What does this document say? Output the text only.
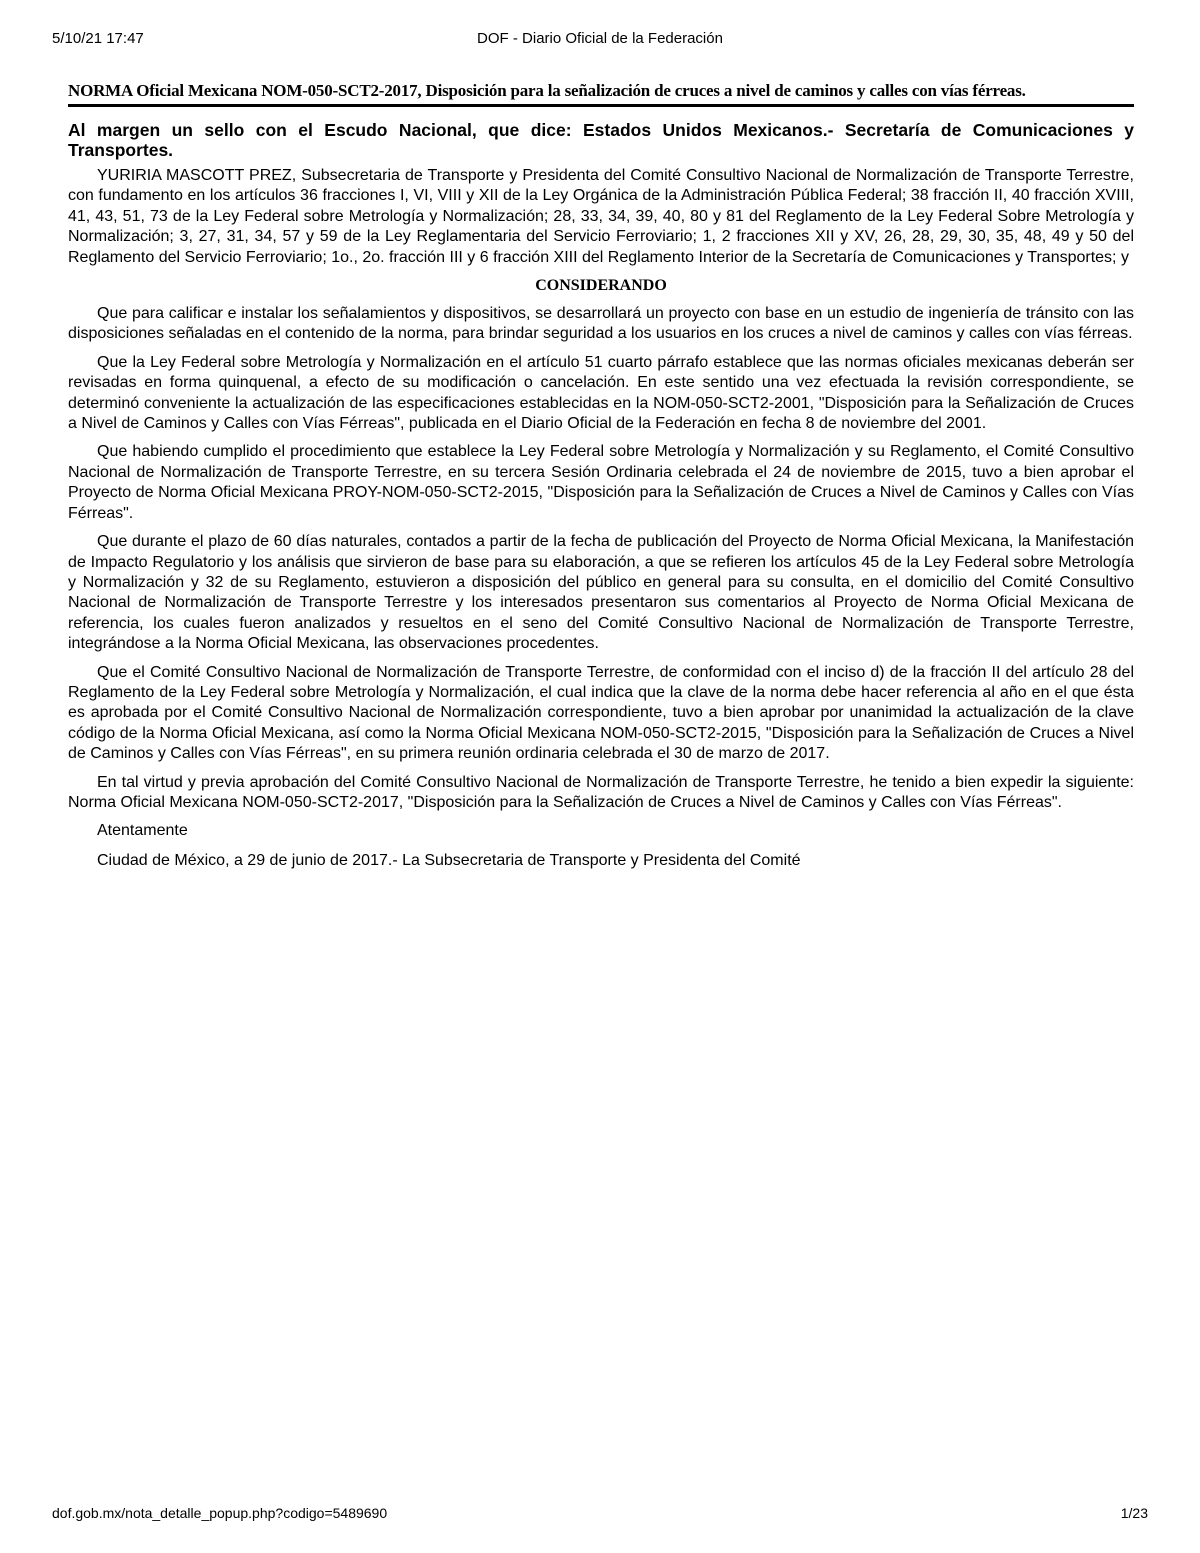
5/10/21 17:47	DOF - Diario Oficial de la Federación
NORMA Oficial Mexicana NOM-050-SCT2-2017, Disposición para la señalización de cruces a nivel de caminos y calles con vías férreas.

Al margen un sello con el Escudo Nacional, que dice: Estados Unidos Mexicanos.- Secretaría de Comunicaciones y Transportes.

YURIRIA MASCOTT PREZ, Subsecretaria de Transporte y Presidenta del Comité Consultivo Nacional de Normalización de Transporte Terrestre, con fundamento en los artículos 36 fracciones I, VI, VIII y XII de la Ley Orgánica de la Administración Pública Federal; 38 fracción II, 40 fracción XVIII, 41, 43, 51, 73 de la Ley Federal sobre Metrología y Normalización; 28, 33, 34, 39, 40, 80 y 81 del Reglamento de la Ley Federal Sobre Metrología y Normalización; 3, 27, 31, 34, 57 y 59 de la Ley Reglamentaria del Servicio Ferroviario; 1, 2 fracciones XII y XV, 26, 28, 29, 30, 35, 48, 49 y 50 del Reglamento del Servicio Ferroviario; 1o., 2o. fracción III y 6 fracción XIII del Reglamento Interior de la Secretaría de Comunicaciones y Transportes; y

CONSIDERANDO

Que para calificar e instalar los señalamientos y dispositivos, se desarrollará un proyecto con base en un estudio de ingeniería de tránsito con las disposiciones señaladas en el contenido de la norma, para brindar seguridad a los usuarios en los cruces a nivel de caminos y calles con vías férreas.

Que la Ley Federal sobre Metrología y Normalización en el artículo 51 cuarto párrafo establece que las normas oficiales mexicanas deberán ser revisadas en forma quinquenal, a efecto de su modificación o cancelación. En este sentido una vez efectuada la revisión correspondiente, se determinó conveniente la actualización de las especificaciones establecidas en la NOM-050-SCT2-2001, "Disposición para la Señalización de Cruces a Nivel de Caminos y Calles con Vías Férreas", publicada en el Diario Oficial de la Federación en fecha 8 de noviembre del 2001.

Que habiendo cumplido el procedimiento que establece la Ley Federal sobre Metrología y Normalización y su Reglamento, el Comité Consultivo Nacional de Normalización de Transporte Terrestre, en su tercera Sesión Ordinaria celebrada el 24 de noviembre de 2015, tuvo a bien aprobar el Proyecto de Norma Oficial Mexicana PROY-NOM-050-SCT2-2015, "Disposición para la Señalización de Cruces a Nivel de Caminos y Calles con Vías Férreas".

Que durante el plazo de 60 días naturales, contados a partir de la fecha de publicación del Proyecto de Norma Oficial Mexicana, la Manifestación de Impacto Regulatorio y los análisis que sirvieron de base para su elaboración, a que se refieren los artículos 45 de la Ley Federal sobre Metrología y Normalización y 32 de su Reglamento, estuvieron a disposición del público en general para su consulta, en el domicilio del Comité Consultivo Nacional de Normalización de Transporte Terrestre y los interesados presentaron sus comentarios al Proyecto de Norma Oficial Mexicana de referencia, los cuales fueron analizados y resueltos en el seno del Comité Consultivo Nacional de Normalización de Transporte Terrestre, integrándose a la Norma Oficial Mexicana, las observaciones procedentes.

Que el Comité Consultivo Nacional de Normalización de Transporte Terrestre, de conformidad con el inciso d) de la fracción II del artículo 28 del Reglamento de la Ley Federal sobre Metrología y Normalización, el cual indica que la clave de la norma debe hacer referencia al año en el que ésta es aprobada por el Comité Consultivo Nacional de Normalización correspondiente, tuvo a bien aprobar por unanimidad la actualización de la clave código de la Norma Oficial Mexicana, así como la Norma Oficial Mexicana NOM-050-SCT2-2015, "Disposición para la Señalización de Cruces a Nivel de Caminos y Calles con Vías Férreas", en su primera reunión ordinaria celebrada el 30 de marzo de 2017.

En tal virtud y previa aprobación del Comité Consultivo Nacional de Normalización de Transporte Terrestre, he tenido a bien expedir la siguiente: Norma Oficial Mexicana NOM-050-SCT2-2017, "Disposición para la Señalización de Cruces a Nivel de Caminos y Calles con Vías Férreas".

Atentamente

Ciudad de México, a 29 de junio de 2017.- La Subsecretaria de Transporte y Presidenta del Comité

dof.gob.mx/nota_detalle_popup.php?codigo=5489690	1/23
